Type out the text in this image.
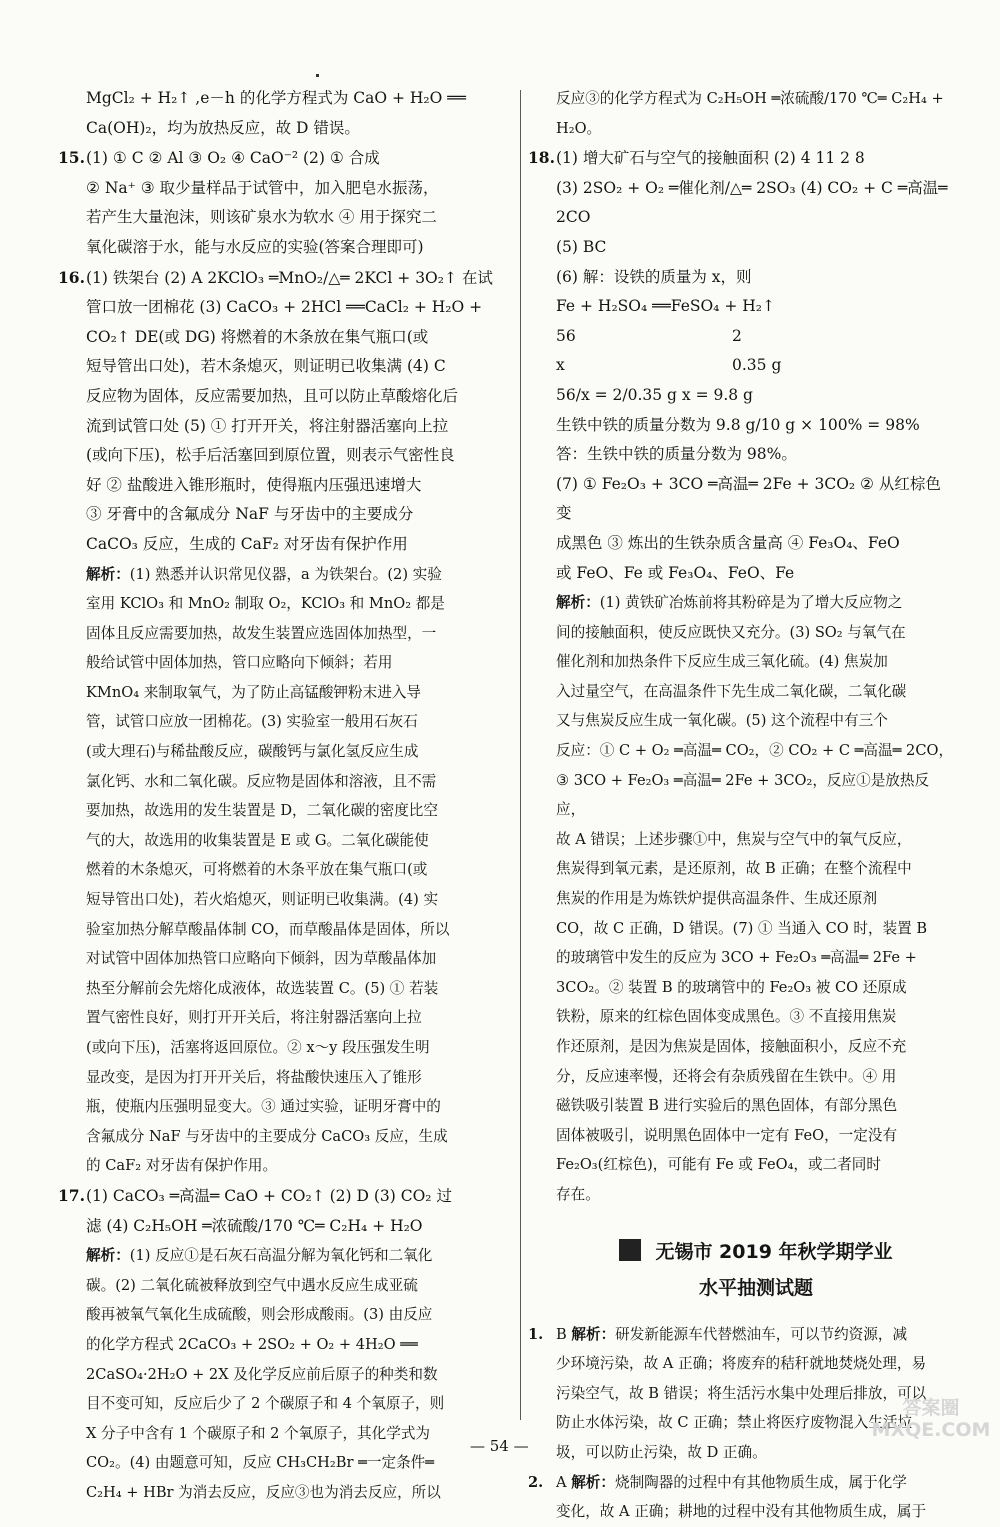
MgCl₂ + H₂↑ ,e－h 的化学方程式为 CaO + H₂O ══
Ca(OH)₂，均为放热反应，故 D 错误。
15.(1) ① C ② Al ③ O₂ ④ CaO⁻² (2) ① 合成
② Na⁺ ③ 取少量样品于试管中，加入肥皂水振荡，
若产生大量泡沫，则该矿泉水为软水 ④ 用于探究二
氧化碳溶于水，能与水反应的实验(答案合理即可)
16.(1) 铁架台 (2) A 2KClO₃ ═MnO₂/△═ 2KCl + 3O₂↑ 在试
管口放一团棉花 (3) CaCO₃ + 2HCl ══CaCl₂ + H₂O +
CO₂↑ DE(或 DG) 将燃着的木条放在集气瓶口(或
短导管出口处)，若木条熄灭，则证明已收集满 (4) C
反应物为固体，反应需要加热，且可以防止草酸熔化后
流到试管口处 (5) ① 打开开关，将注射器活塞向上拉
(或向下压)，松手后活塞回到原位置，则表示气密性良
好 ② 盐酸进入锥形瓶时，使得瓶内压强迅速增大
③ 牙膏中的含氟成分 NaF 与牙齿中的主要成分
CaCO₃ 反应，生成的 CaF₂ 对牙齿有保护作用
解析：(1) 熟悉并认识常见仪器，a 为铁架台。(2) 实验
室用 KClO₃ 和 MnO₂ 制取 O₂，KClO₃ 和 MnO₂ 都是
固体且反应需要加热，故发生装置应选固体加热型，一
般给试管中固体加热，管口应略向下倾斜；若用
KMnO₄ 来制取氧气，为了防止高锰酸钾粉末进入导
管，试管口应放一团棉花。(3) 实验室一般用石灰石
(或大理石)与稀盐酸反应，碳酸钙与氯化氢反应生成
氯化钙、水和二氧化碳。反应物是固体和溶液，且不需
要加热，故选用的发生装置是 D，二氧化碳的密度比空
气的大，故选用的收集装置是 E 或 G。二氧化碳能使
燃着的木条熄灭，可将燃着的木条平放在集气瓶口(或
短导管出口处)，若火焰熄灭，则证明已收集满。(4) 实
验室加热分解草酸晶体制 CO，而草酸晶体是固体，所以
对试管中固体加热管口应略向下倾斜，因为草酸晶体加
热至分解前会先熔化成液体，故选装置 C。(5) ① 若装
置气密性良好，则打开开关后，将注射器活塞向上拉
(或向下压)，活塞将返回原位。② x～y 段压强发生明
显改变，是因为打开开关后，将盐酸快速压入了锥形
瓶，使瓶内压强明显变大。③ 通过实验，证明牙膏中的
含氟成分 NaF 与牙齿中的主要成分 CaCO₃ 反应，生成
的 CaF₂ 对牙齿有保护作用。
17.(1) CaCO₃ ═高温═ CaO + CO₂↑ (2) D (3) CO₂ 过
滤 (4) C₂H₅OH ═浓硫酸/170 ℃═ C₂H₄ + H₂O
解析：(1) 反应①是石灰石高温分解为氧化钙和二氧化
碳。(2) 二氧化硫被释放到空气中遇水反应生成亚硫
酸再被氧气氧化生成硫酸，则会形成酸雨。(3) 由反应
的化学方程式 2CaCO₃ + 2SO₂ + O₂ + 4H₂O ══
2CaSO₄·2H₂O + 2X 及化学反应前后原子的种类和数
目不变可知，反应后少了 2 个碳原子和 4 个氧原子，则
X 分子中含有 1 个碳原子和 2 个氧原子，其化学式为
CO₂。(4) 由题意可知，反应 CH₃CH₂Br ═一定条件═
C₂H₄ + HBr 为消去反应，反应③也为消去反应，所以
反应③的化学方程式为 C₂H₅OH ═浓硫酸/170 ℃═ C₂H₄ +
H₂O。
18.(1) 增大矿石与空气的接触面积 (2) 4 11 2 8
(3) 2SO₂ + O₂ ═催化剂/△═ 2SO₃ (4) CO₂ + C ═高温═ 2CO
(5) BC
(6) 解：设铁的质量为 x，则
Fe + H₂SO₄ ══FeSO₄ + H₂↑
56	2
x	0.35 g
56/x = 2/0.35 g x = 9.8 g
生铁中铁的质量分数为 9.8 g/10 g × 100% = 98%
答：生铁中铁的质量分数为 98%。
(7) ① Fe₂O₃ + 3CO ═高温═ 2Fe + 3CO₂ ② 从红棕色变
成黑色 ③ 炼出的生铁杂质含量高 ④ Fe₃O₄、FeO
或 FeO、Fe 或 Fe₃O₄、FeO、Fe
解析：(1) 黄铁矿冶炼前将其粉碎是为了增大反应物之
间的接触面积，使反应既快又充分。(3) SO₂ 与氧气在
催化剂和加热条件下反应生成三氧化硫。(4) 焦炭加
入过量空气，在高温条件下先生成二氧化碳，二氧化碳
又与焦炭反应生成一氧化碳。(5) 这个流程中有三个
反应：① C + O₂ ═高温═ CO₂，② CO₂ + C ═高温═ 2CO，
③ 3CO + Fe₂O₃ ═高温═ 2Fe + 3CO₂，反应①是放热反应，
故 A 错误；上述步骤①中，焦炭与空气中的氧气反应，
焦炭得到氧元素，是还原剂，故 B 正确；在整个流程中
焦炭的作用是为炼铁炉提供高温条件、生成还原剂
CO，故 C 正确，D 错误。(7) ① 当通入 CO 时，装置 B
的玻璃管中发生的反应为 3CO + Fe₂O₃ ═高温═ 2Fe +
3CO₂。② 装置 B 的玻璃管中的 Fe₂O₃ 被 CO 还原成
铁粉，原来的红棕色固体变成黑色。③ 不直接用焦炭
作还原剂，是因为焦炭是固体，接触面积小，反应不充
分，反应速率慢，还将会有杂质残留在生铁中。④ 用
磁铁吸引装置 B 进行实验后的黑色固体，有部分黑色
固体被吸引，说明黑色固体中一定有 FeO，一定没有
Fe₂O₃(红棕色)，可能有 Fe 或 FeO₄，或二者同时
存在。
无锡市 2019 年秋学期学业
水平抽测试题
1. B 解析：研发新能源车代替燃油车，可以节约资源，减
少环境污染，故 A 正确；将废弃的秸秆就地焚烧处理，易
污染空气，故 B 错误；将生活污水集中处理后排放，可以
防止水体污染，故 C 正确；禁止将医疗废物混入生活垃
圾，可以防止污染，故 D 正确。
2. A 解析：烧制陶器的过程中有其他物质生成，属于化学
变化，故 A 正确；耕地的过程中没有其他物质生成，属于
— 54 —
答案圈
MXQE.COM
